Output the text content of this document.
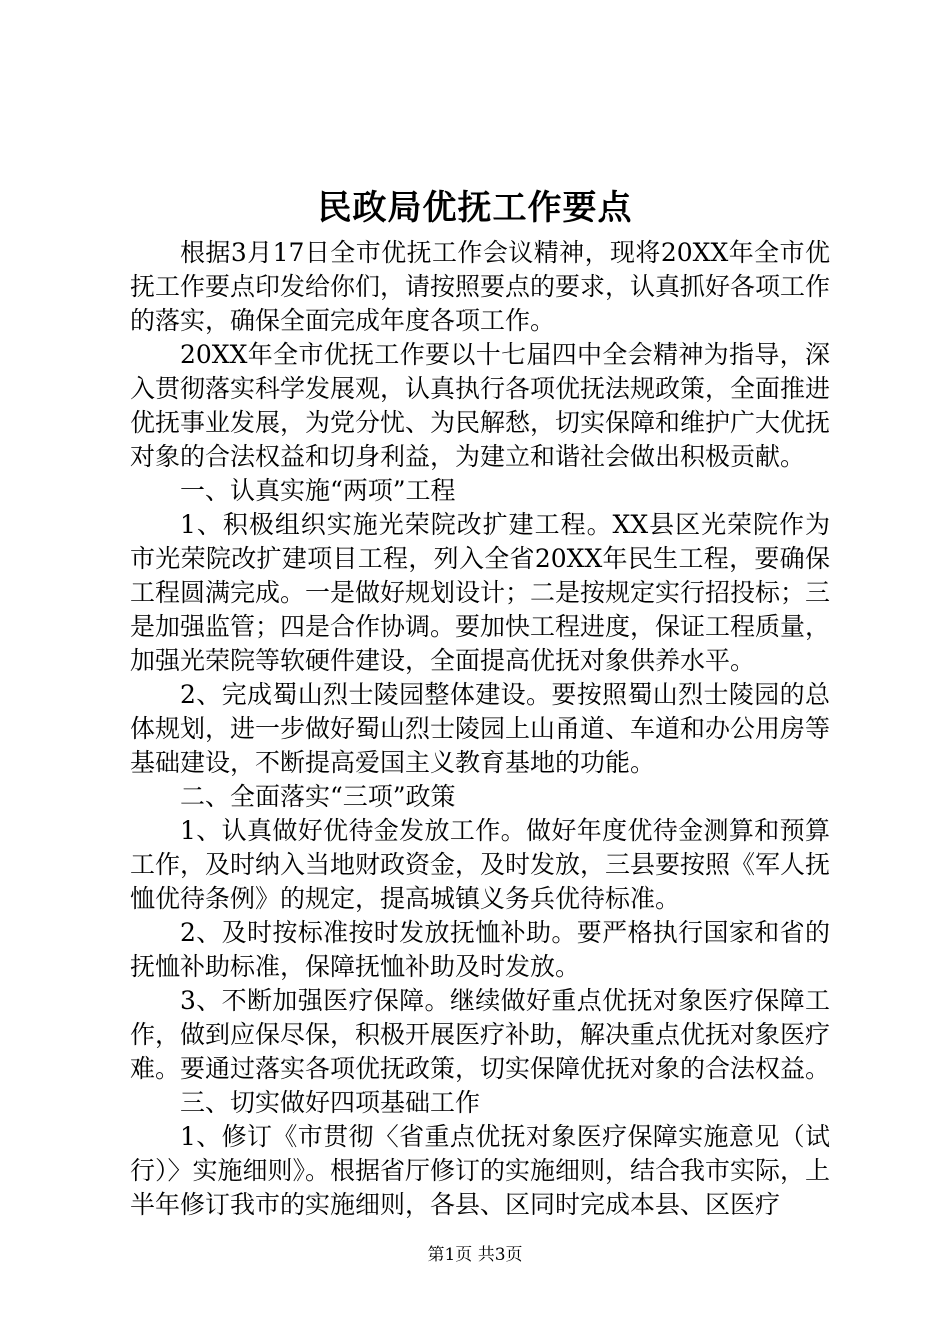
民政局优抚工作要点

根据3月17日全市优抚工作会议精神，现将20XX年全市优抚工作要点印发给你们，请按照要点的要求，认真抓好各项工作的落实，确保全面完成年度各项工作。

20XX年全市优抚工作要以十七届四中全会精神为指导，深入贯彻落实科学发展观，认真执行各项优抚法规政策，全面推进优抚事业发展，为党分忧、为民解愁，切实保障和维护广大优抚对象的合法权益和切身利益，为建立和谐社会做出积极贡献。

一、认真实施“两项”工程

1、积极组织实施光荣院改扩建工程。XX县区光荣院作为市光荣院改扩建项目工程，列入全省20XX年民生工程，要确保工程圆满完成。一是做好规划设计；二是按规定实行招投标；三是加强监管；四是合作协调。要加快工程进度，保证工程质量，加强光荣院等软硬件建设，全面提高优抚对象供养水平。

2、完成蜀山烈士陵园整体建设。要按照蜀山烈士陵园的总体规划，进一步做好蜀山烈士陵园上山甬道、车道和办公用房等基础建设，不断提高爱国主义教育基地的功能。

二、全面落实“三项”政策

1、认真做好优待金发放工作。做好年度优待金测算和预算工作，及时纳入当地财政资金，及时发放，三县要按照《军人抚恤优待条例》的规定，提高城镇义务兵优待标准。

2、及时按标准按时发放抚恤补助。要严格执行国家和省的抚恤补助标准，保障抚恤补助及时发放。

3、不断加强医疗保障。继续做好重点优抚对象医疗保障工作，做到应保尽保，积极开展医疗补助，解决重点优抚对象医疗难。要通过落实各项优抚政策，切实保障优抚对象的合法权益。

三、切实做好四项基础工作

1、修订《市贯彻〈省重点优抚对象医疗保障实施意见（试行）〉实施细则》。根据省厅修订的实施细则，结合我市实际，上半年修订我市的实施细则，各县、区同时完成本县、区医疗

第1页 共3页
